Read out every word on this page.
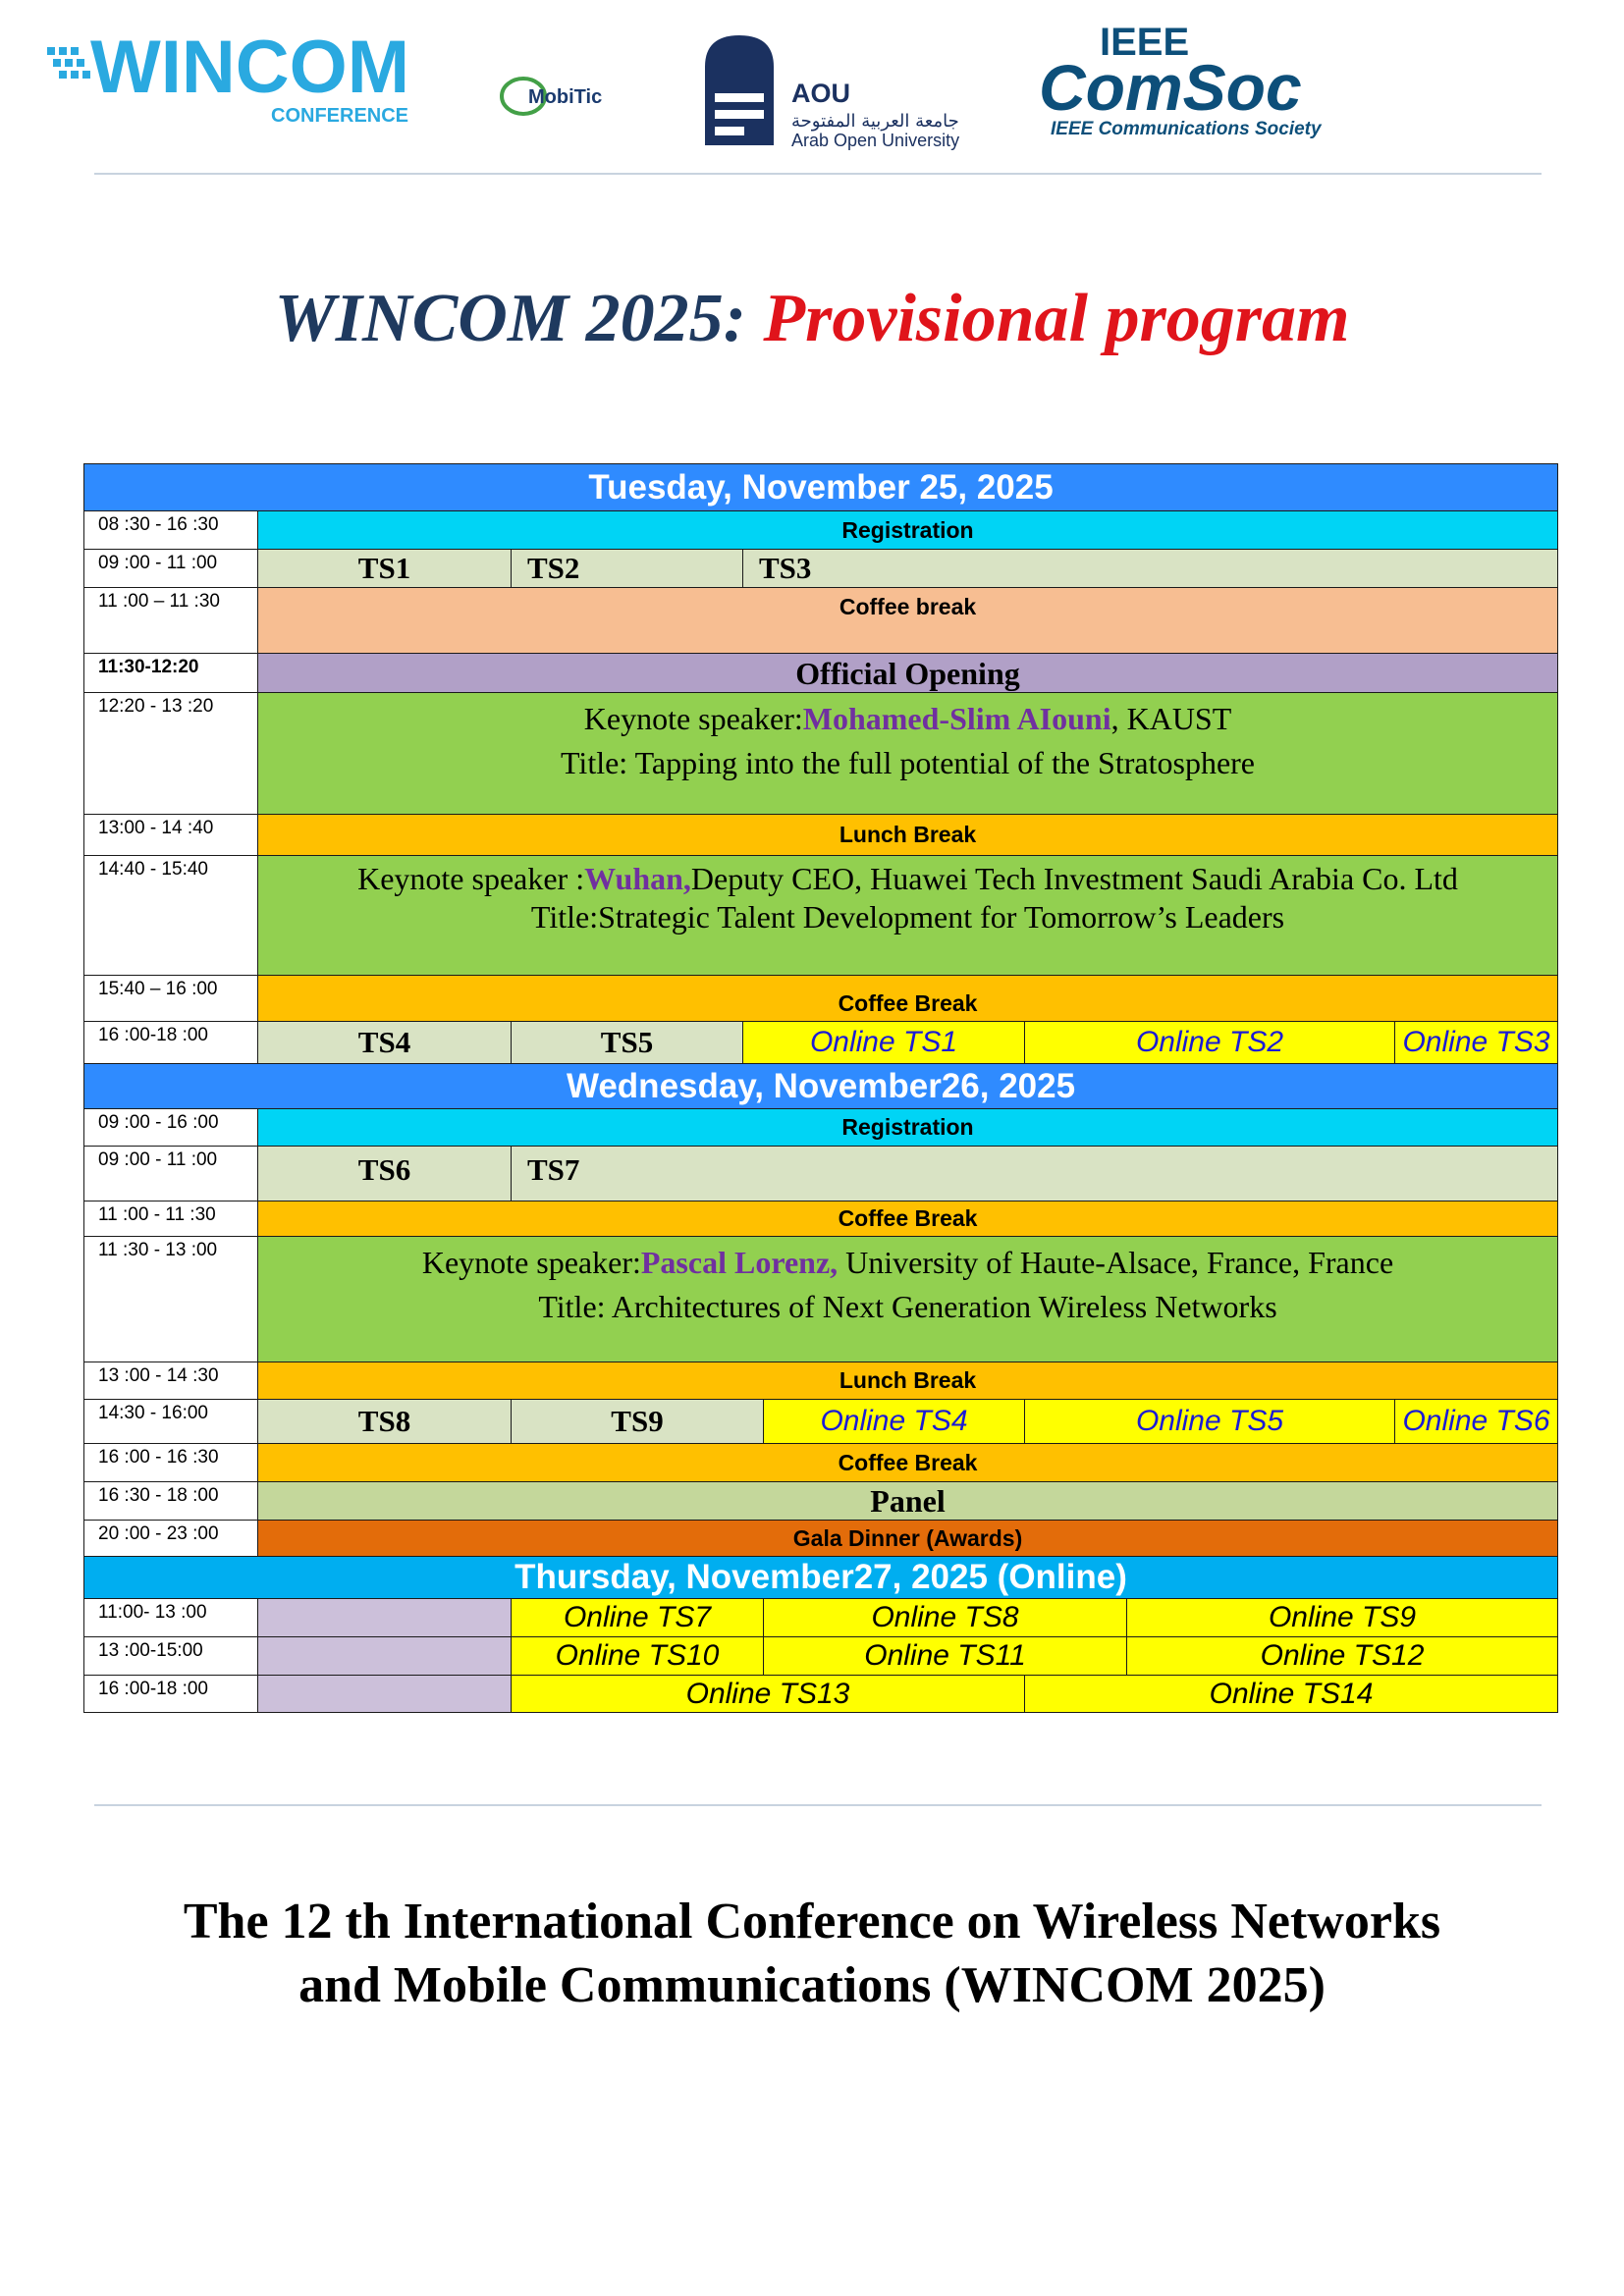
WINCOM
CONFERENCE
MobiTic	AOU
جامعة العربية المفتوحة
Arab Open University
IEEE
ComSoc
IEEE Communications Society
WINCOM 2025: Provisional program
Tuesday, November 25, 2025							
08 :30 - 16 :30	Registration						
09 :00 - 11 :00	TS1	TS2	TS3				
11 :00 – 11 :30	Coffee break						
11:30-12:20	Official Opening						
12:20 - 13 :20	Keynote speaker:Mohamed-Slim AIouni, KAUST
Title: Tapping into the full potential of the Stratosphere						

13:00 - 14 :40	Lunch Break						
14:40 - 15:40	Keynote speaker :Wuhan,Deputy CEO, Huawei Tech Investment Saudi Arabia Co. Ltd
Title:Strategic Talent Development for Tomorrow’s Leaders						

15:40 – 16 :00	Coffee Break						
16 :00-18 :00	TS4	TS5	Online TS1		Online TS2		Online TS3
Wednesday, November26, 2025							
09 :00 - 16 :00	Registration						
09 :00 - 11 :00	TS6	TS7					
11 :00 - 11 :30	Coffee Break						
11 :30 - 13 :00	Keynote speaker:Pascal Lorenz, University of Haute-Alsace, France, France
Title: Architectures of Next Generation Wireless Networks						

13 :00 - 14 :30	Lunch Break						
14:30 - 16:00	TS8	TS9		Online TS4	Online TS5		Online TS6
16 :00 - 16 :30	Coffee Break						
16 :30 - 18 :00	Panel						
20 :00 - 23 :00	Gala Dinner (Awards)						
Thursday, November27, 2025 (Online)							
11:00- 13 :00		Online TS7		Online TS8		Online TS9	
13 :00-15:00		Online TS10		Online TS11		Online TS12	
16 :00-18 :00		Online TS13			Online TS14		
The 12 th International Conference on Wireless Networks
and Mobile Communications (WINCOM 2025)
